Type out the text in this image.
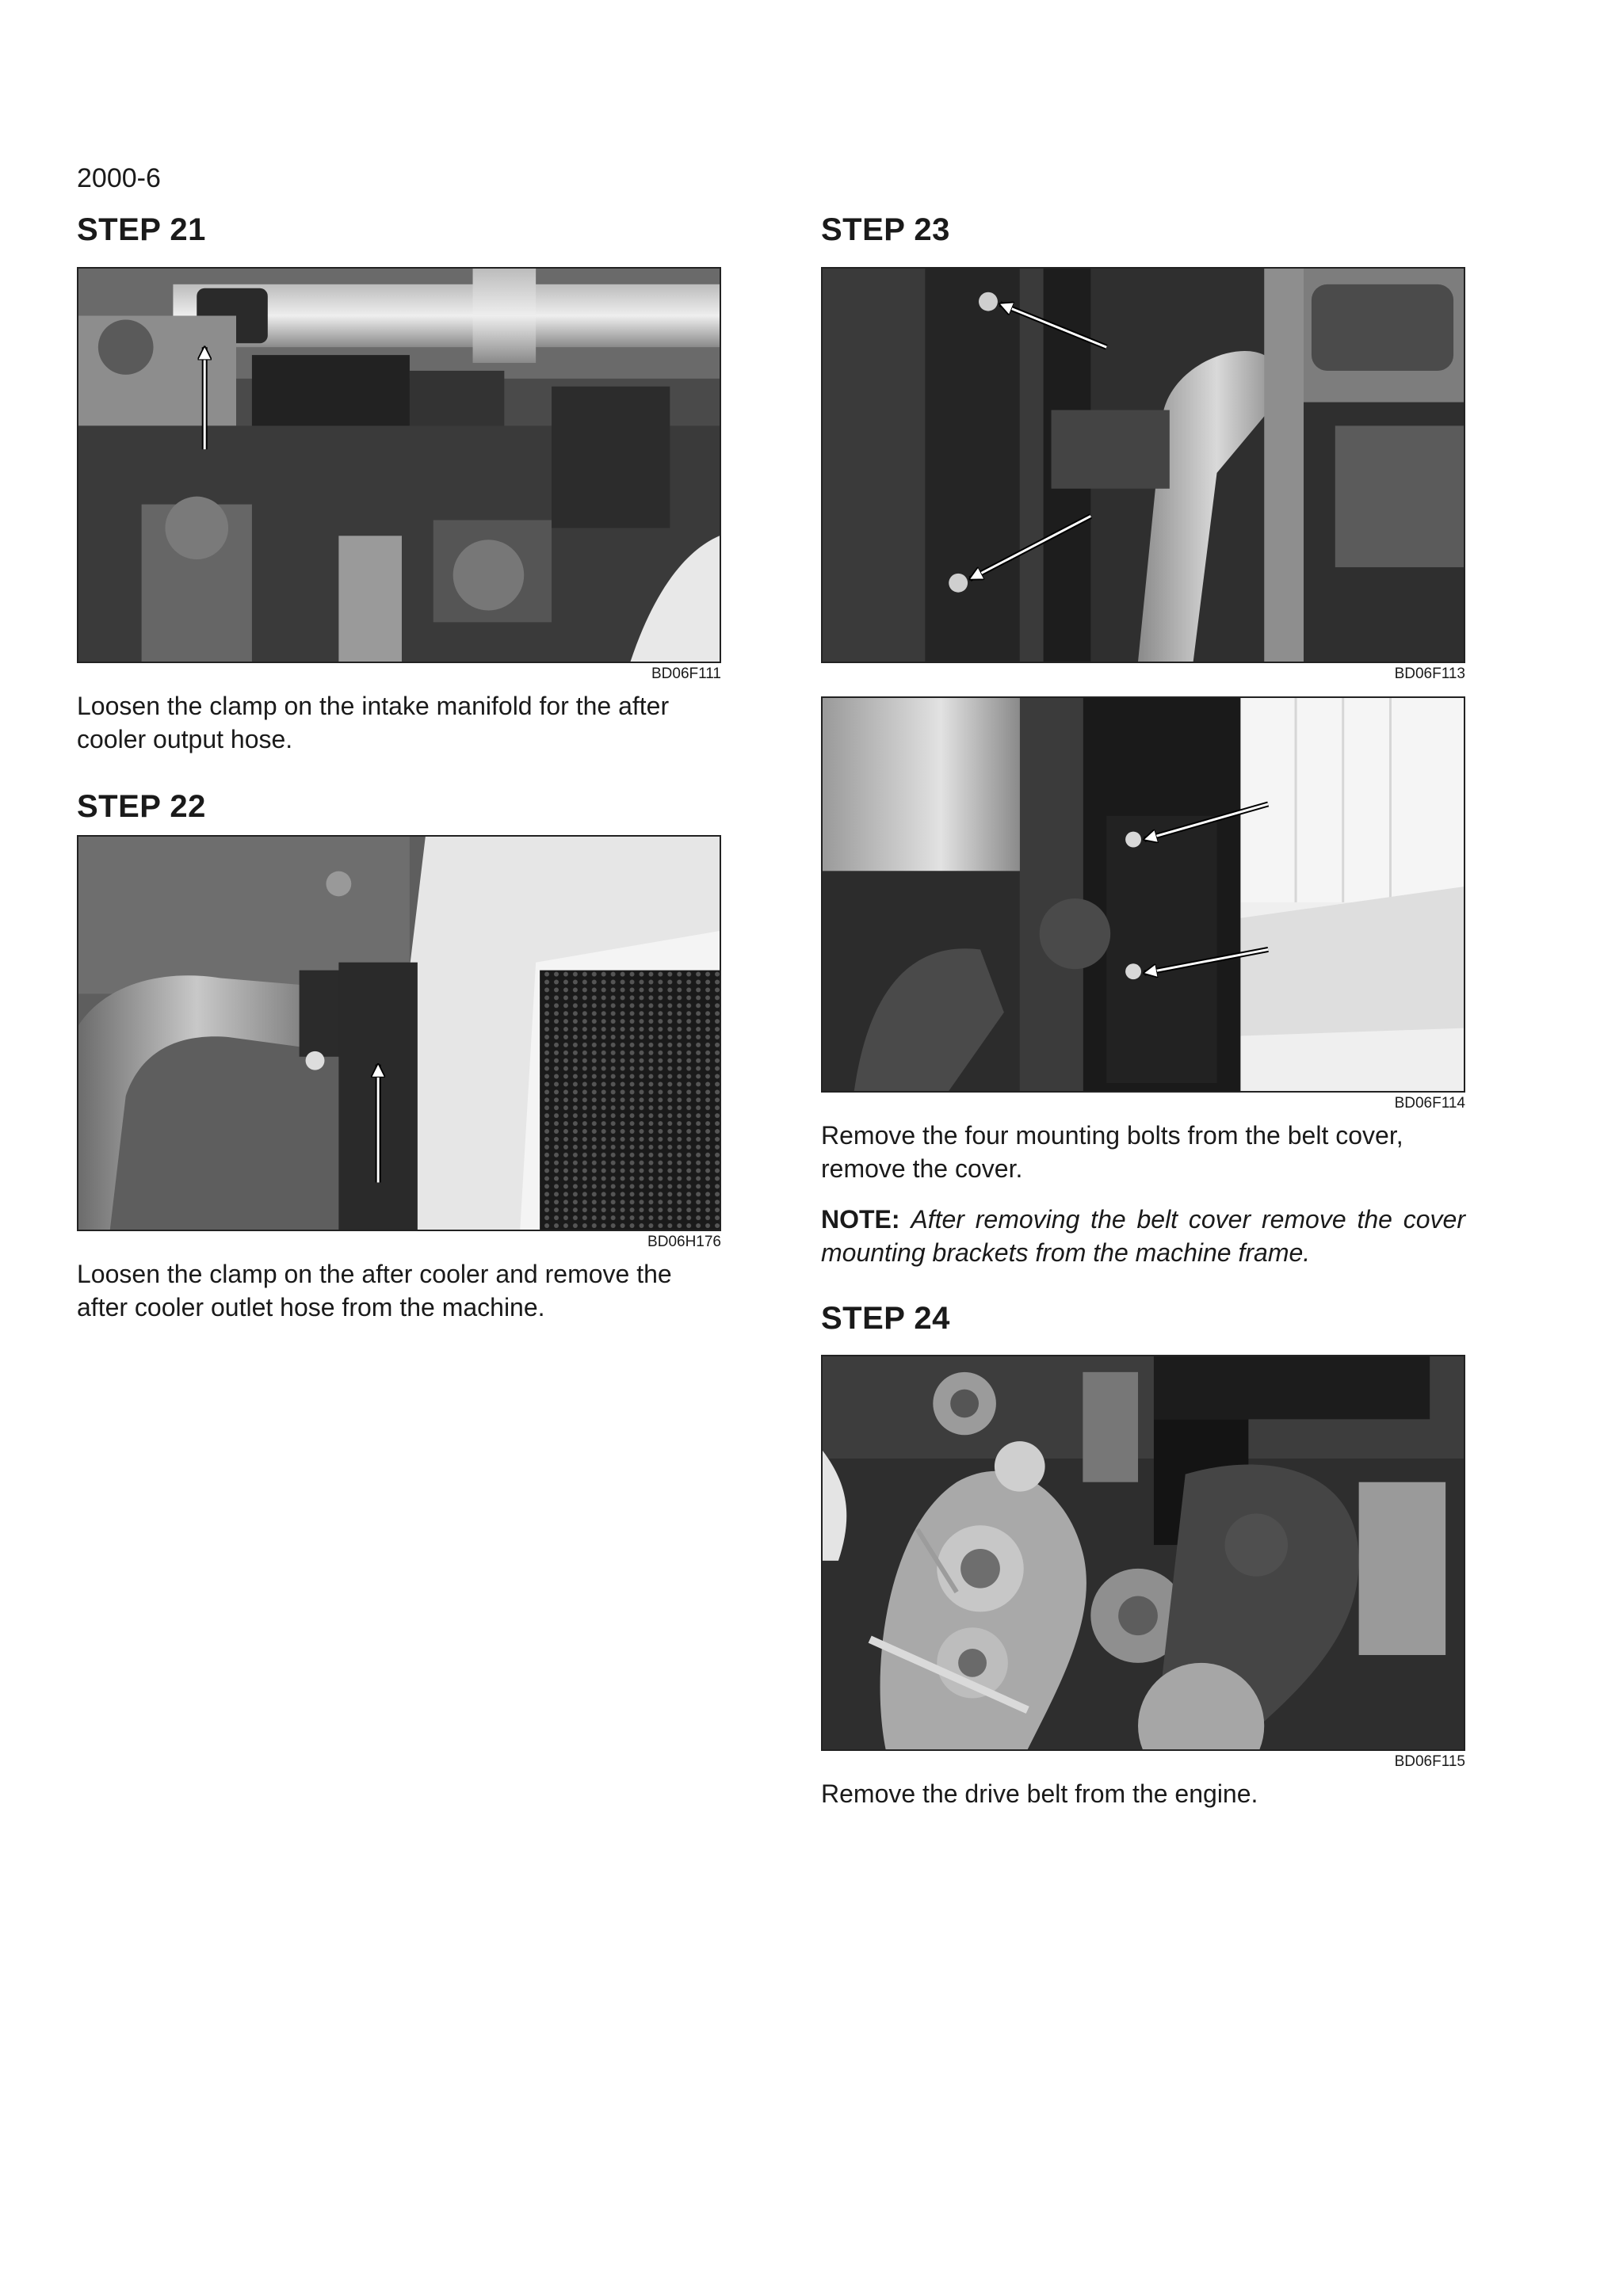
2000-6
STEP 21
BD06F111
Loosen the clamp on the intake manifold for the after cooler output hose.
STEP 22
BD06H176
Loosen the clamp on the after cooler and remove the after cooler outlet hose from the machine.
STEP 23
BD06F113
BD06F114
Remove the four mounting bolts from the belt cover, remove the cover.
NOTE: After removing the belt cover remove the cover mounting brackets from the machine frame.
STEP 24
BD06F115
Remove the drive belt from the engine.
